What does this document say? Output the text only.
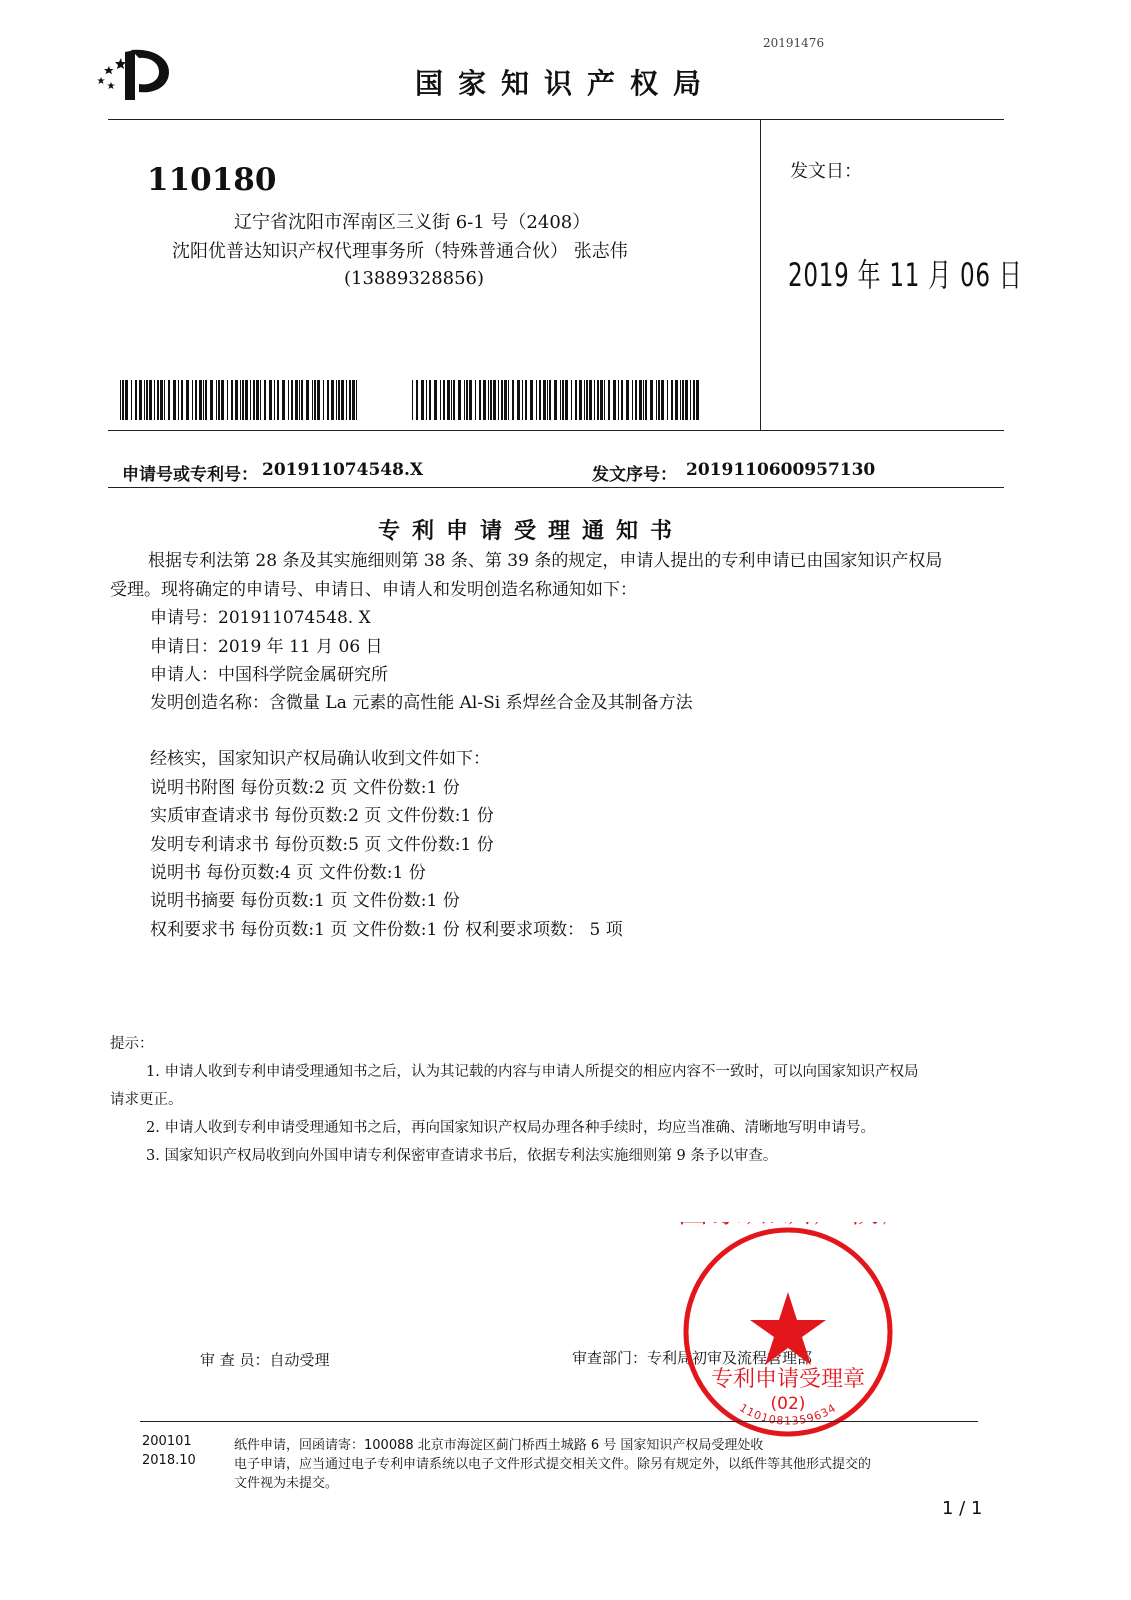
20191476
国家知识产权局
110180
辽宁省沈阳市浑南区三义街 6-1 号（2408）
沈阳优普达知识产权代理事务所（特殊普通合伙） 张志伟
(13889328856)
发文日：
2019 年 11 月 06 日
申请号或专利号： 201911074548.X	发文序号： 2019110600957130
专利申请受理通知书
根据专利法第 28 条及其实施细则第 38 条、第 39 条的规定，申请人提出的专利申请已由国家知识产权局
受理。现将确定的申请号、申请日、申请人和发明创造名称通知如下：
申请号：201911074548. X
申请日：2019 年 11 月 06 日
申请人：中国科学院金属研究所
发明创造名称：含微量 La 元素的高性能 Al-Si 系焊丝合金及其制备方法
经核实，国家知识产权局确认收到文件如下：
说明书附图 每份页数:2 页 文件份数:1 份
实质审查请求书 每份页数:2 页 文件份数:1 份
发明专利请求书 每份页数:5 页 文件份数:1 份
说明书 每份页数:4 页 文件份数:1 份
说明书摘要 每份页数:1 页 文件份数:1 份
权利要求书 每份页数:1 页 文件份数:1 份 权利要求项数： 5 项
提示：
1. 申请人收到专利申请受理通知书之后，认为其记载的内容与申请人所提交的相应内容不一致时，可以向国家知识产权局
请求更正。
2. 申请人收到专利申请受理通知书之后，再向国家知识产权局办理各种手续时，均应当准确、清晰地写明申请号。
3. 国家知识产权局收到向外国申请专利保密审查请求书后，依据专利法实施细则第 9 条予以审查。
审 查 员：自动受理	审查部门：专利局初审及流程管理部
专利申请受理章
(02)
1101081359634
200101
2018.10
纸件申请，回函请寄：100088 北京市海淀区蓟门桥西土城路 6 号 国家知识产权局受理处收
电子申请，应当通过电子专利申请系统以电子文件形式提交相关文件。除另有规定外，以纸件等其他形式提交的
文件视为未提交。
1 / 1
